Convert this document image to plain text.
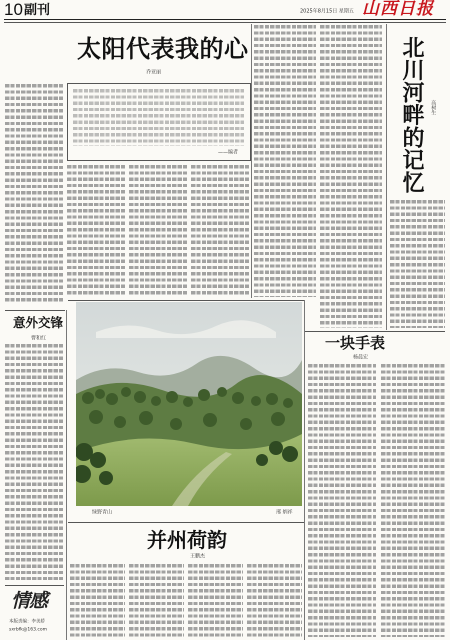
10 副刊	2025年8月15日 星期五 山西日报
太阳代表我的心
乔亚丽
——编者	北川河畔的记忆 高树生
意外交锋
曹和红
绿野青山	邢 炳祥
一块手表
杨晨宏
并州荷韵
王鹏杰
情感
本版责编：李美娇
sxrbfk@163.com
